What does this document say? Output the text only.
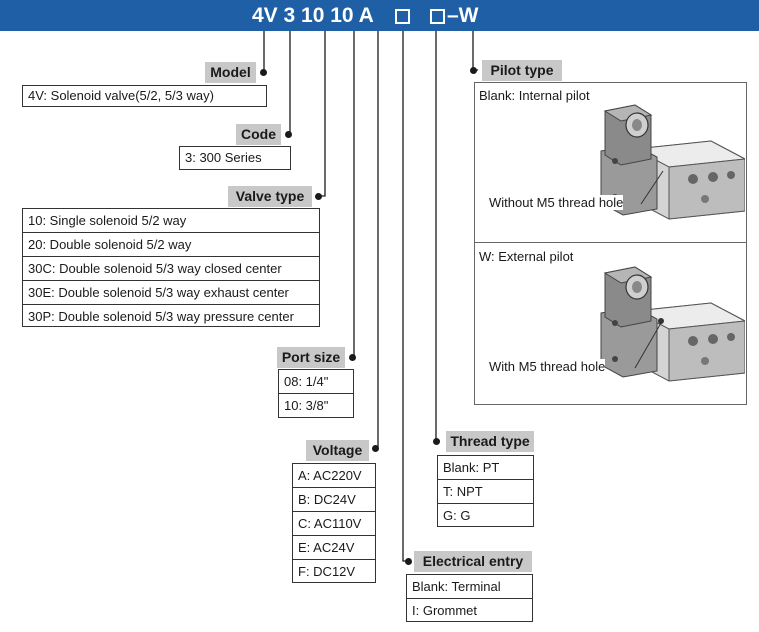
4V 3 10 10 A	–W
Model
4V: Solenoid valve(5/2, 5/3 way)
Code
3: 300 Series
Valve type
10: Single solenoid 5/2 way
20: Double solenoid 5/2 way
30C: Double solenoid 5/3 way closed center
30E: Double solenoid 5/3 way exhaust center
30P: Double solenoid 5/3 way pressure center
Port size
08: 1/4"
10: 3/8"
Voltage
A: AC220V
B: DC24V
C: AC110V
E: AC24V
F: DC12V
Electrical entry
Blank: Terminal
I: Grommet
Thread type
Blank: PT
T: NPT
G: G
Pilot type
Blank: Internal pilot
Without M5 thread hole
W: External pilot
With M5 thread hole
